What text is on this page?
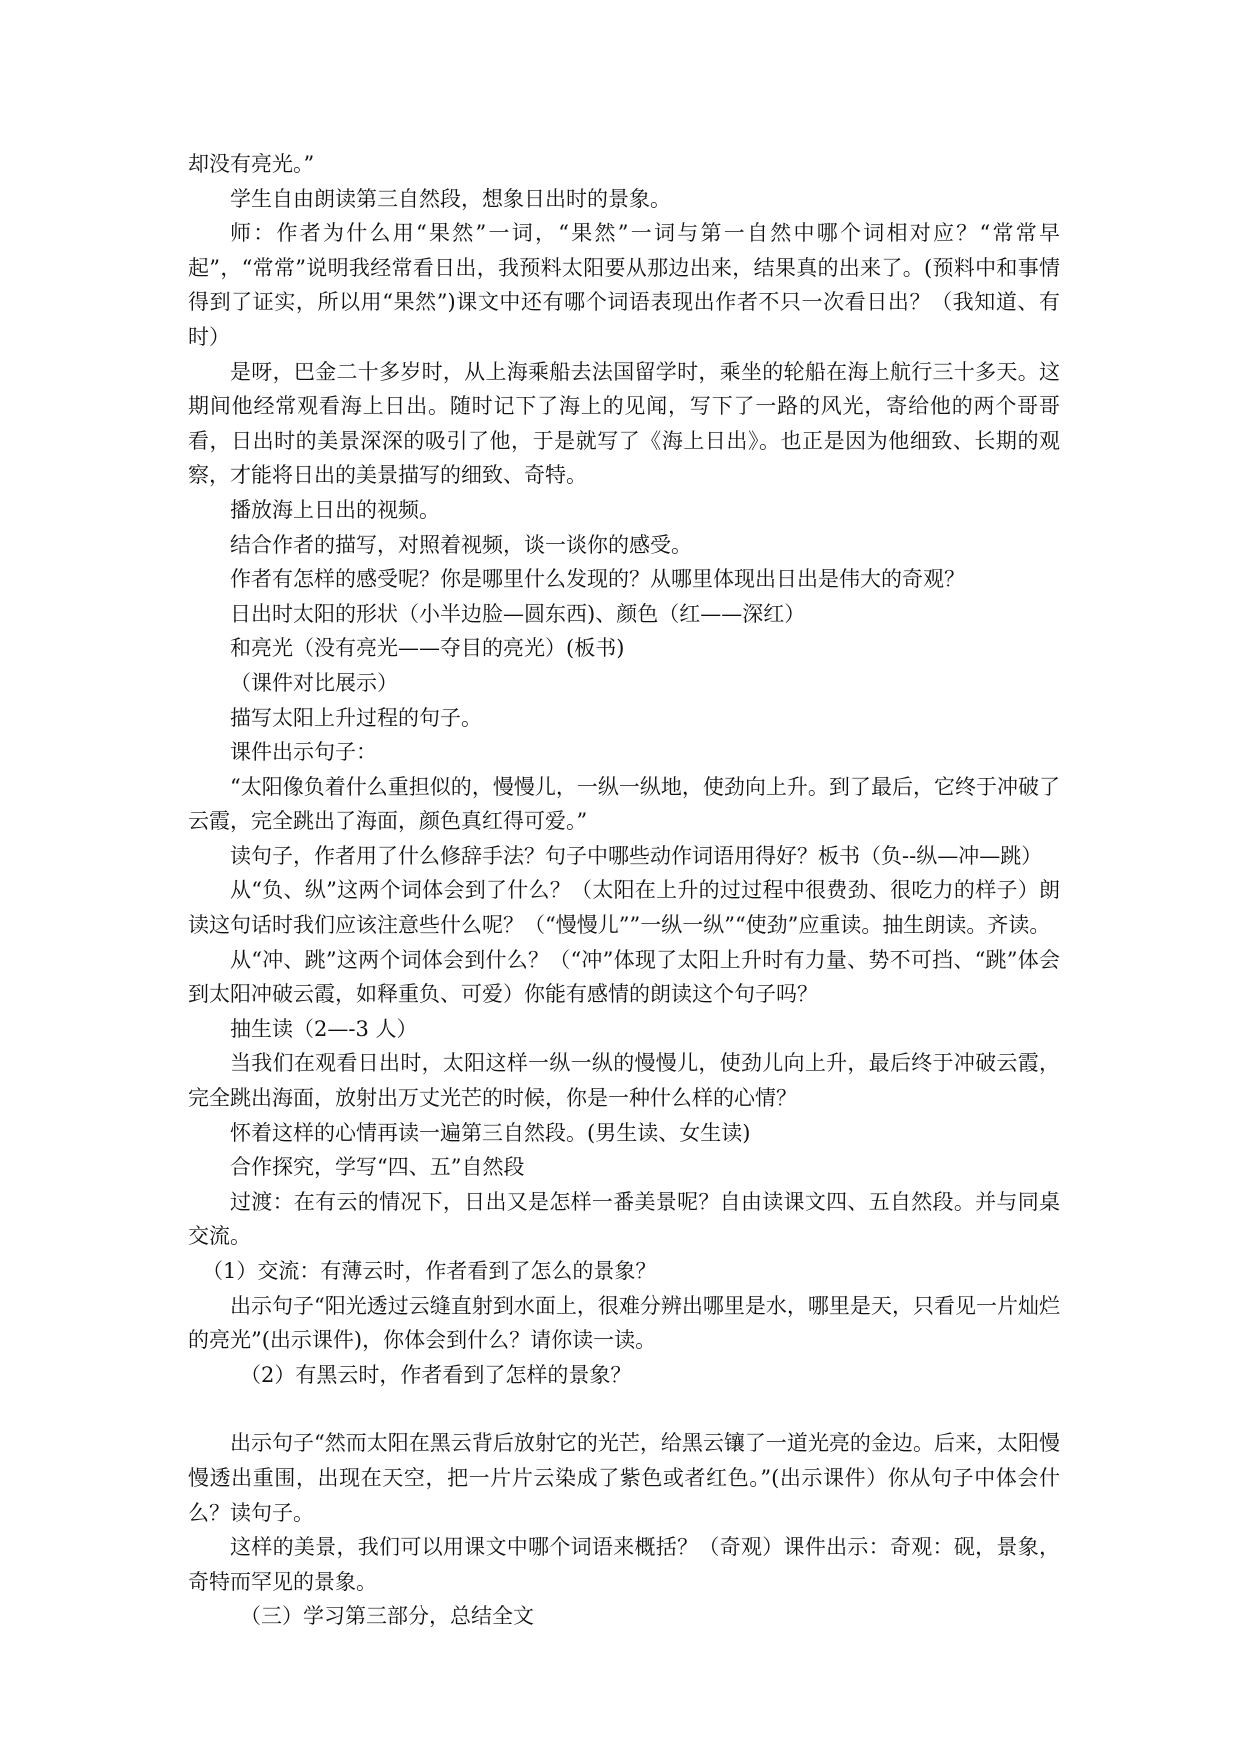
却没有亮光。”

学生自由朗读第三自然段，想象日出时的景象。

师：作者为什么用“果然”一词，“果然”一词与第一自然中哪个词相对应？“常常早起”，“常常”说明我经常看日出，我预料太阳要从那边出来，结果真的出来了。(预料中和事情得到了证实，所以用“果然”)课文中还有哪个词语表现出作者不只一次看日出？（我知道、有时）

是呀，巴金二十多岁时，从上海乘船去法国留学时，乘坐的轮船在海上航行三十多天。这期间他经常观看海上日出。随时记下了海上的见闻，写下了一路的风光，寄给他的两个哥哥看，日出时的美景深深的吸引了他，于是就写了《海上日出》。也正是因为他细致、长期的观察，才能将日出的美景描写的细致、奇特。

播放海上日出的视频。

结合作者的描写，对照着视频，谈一谈你的感受。

作者有怎样的感受呢？你是哪里什么发现的？从哪里体现出日出是伟大的奇观？

日出时太阳的形状（小半边脸—圆东西)、颜色（红——深红）

和亮光（没有亮光——夺目的亮光）(板书)

（课件对比展示）

描写太阳上升过程的句子。

课件出示句子：

“太阳像负着什么重担似的，慢慢儿，一纵一纵地，使劲向上升。到了最后，它终于冲破了云霞，完全跳出了海面，颜色真红得可爱。”

读句子，作者用了什么修辞手法？句子中哪些动作词语用得好？板书（负--纵—冲—跳）

从“负、纵”这两个词体会到了什么？（太阳在上升的过过程中很费劲、很吃力的样子）朗读这句话时我们应该注意些什么呢？（“慢慢儿””一纵一纵”“使劲”应重读。抽生朗读。齐读。

从“冲、跳”这两个词体会到什么？（“冲”体现了太阳上升时有力量、势不可挡、“跳”体会到太阳冲破云霞，如释重负、可爱）你能有感情的朗读这个句子吗？

抽生读（2—-3 人）

当我们在观看日出时，太阳这样一纵一纵的慢慢儿，使劲儿向上升，最后终于冲破云霞，完全跳出海面，放射出万丈光芒的时候，你是一种什么样的心情？

怀着这样的心情再读一遍第三自然段。(男生读、女生读)

合作探究，学写“四、五”自然段

过渡：在有云的情况下，日出又是怎样一番美景呢？自由读课文四、五自然段。并与同桌交流。

（1）交流：有薄云时，作者看到了怎么的景象？

出示句子“阳光透过云缝直射到水面上，很难分辨出哪里是水，哪里是天，只看见一片灿烂的亮光”(出示课件)，你体会到什么？请你读一读。

（2）有黑云时，作者看到了怎样的景象？

出示句子“然而太阳在黑云背后放射它的光芒，给黑云镶了一道光亮的金边。后来，太阳慢慢透出重围，出现在天空，把一片片云染成了紫色或者红色。”(出示课件）你从句子中体会什么？读句子。

这样的美景，我们可以用课文中哪个词语来概括？（奇观）课件出示：奇观：砚，景象，奇特而罕见的景象。

（三）学习第三部分，总结全文
